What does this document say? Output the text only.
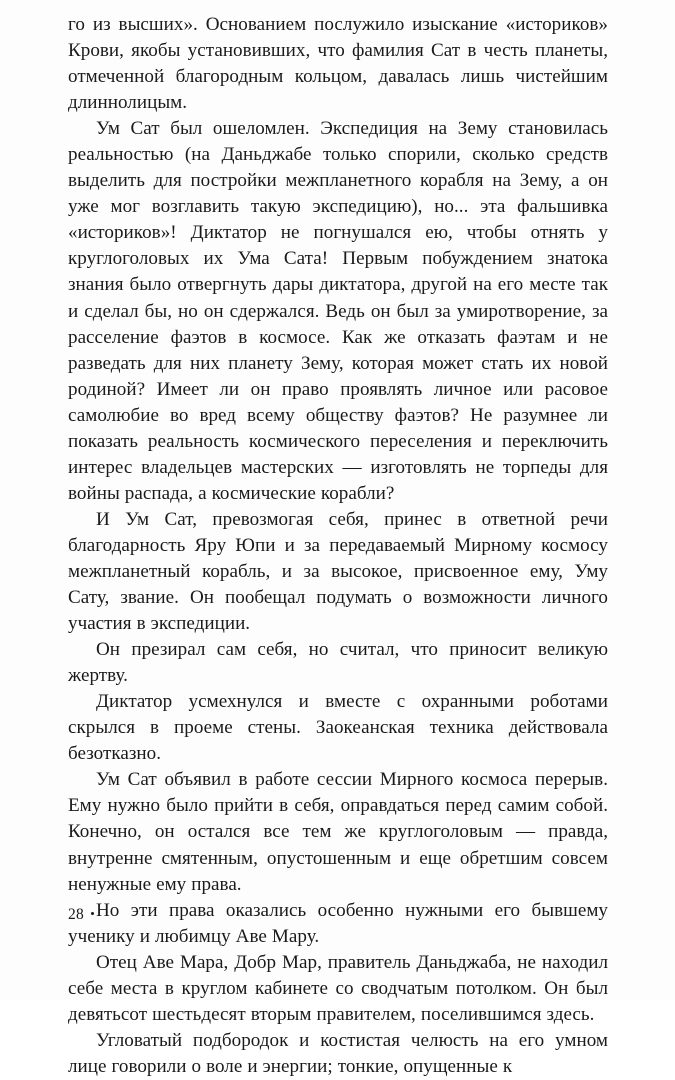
го из высших». Основанием послужило изыскание «историков» Крови, якобы установивших, что фамилия Сат в честь планеты, отмеченной благородным кольцом, давалась лишь чистейшим длиннолицым.

Ум Сат был ошеломлен. Экспедиция на Зему становилась реальностью (на Даньджабе только спорили, сколько средств выделить для постройки межпланетного корабля на Зему, а он уже мог возглавить такую экспедицию), но... эта фальшивка «историков»! Диктатор не погнушался ею, чтобы отнять у круглоголовых их Ума Сата! Первым побуждением знатока знания было отвергнуть дары диктатора, другой на его месте так и сделал бы, но он сдержался. Ведь он был за умиротворение, за расселение фаэтов в космосе. Как же отказать фаэтам и не разведать для них планету Зему, которая может стать их новой родиной? Имеет ли он право проявлять личное или расовое самолюбие во вред всему обществу фаэтов? Не разумнее ли показать реальность космического переселения и переключить интерес владельцев мастерских — изготовлять не торпеды для войны распада, а космические корабли?

И Ум Сат, превозмогая себя, принес в ответной речи благодарность Яру Юпи и за передаваемый Мирному космосу межпланетный корабль, и за высокое, присвоенное ему, Уму Сату, звание. Он пообещал подумать о возможности личного участия в экспедиции.

Он презирал сам себя, но считал, что приносит великую жертву.

Диктатор усмехнулся и вместе с охранными роботами скрылся в проеме стены. Заокеанская техника действовала безотказно.

Ум Сат объявил в работе сессии Мирного космоса перерыв. Ему нужно было прийти в себя, оправдаться перед самим собой. Конечно, он остался все тем же круглоголовым — правда, внутренне смятенным, опустошенным и еще обретшим совсем ненужные ему права.

Но эти права оказались особенно нужными его бывшему ученику и любимцу Аве Мару.

Отец Аве Мара, Добр Мар, правитель Даньджаба, не находил себе места в круглом кабинете со сводчатым потолком. Он был девятьсот шестьдесят вторым правителем, поселившимся здесь.

Угловатый подбородок и костистая челюсть на его умном лице говорили о воле и энергии; тонкие, опущенные к

28
